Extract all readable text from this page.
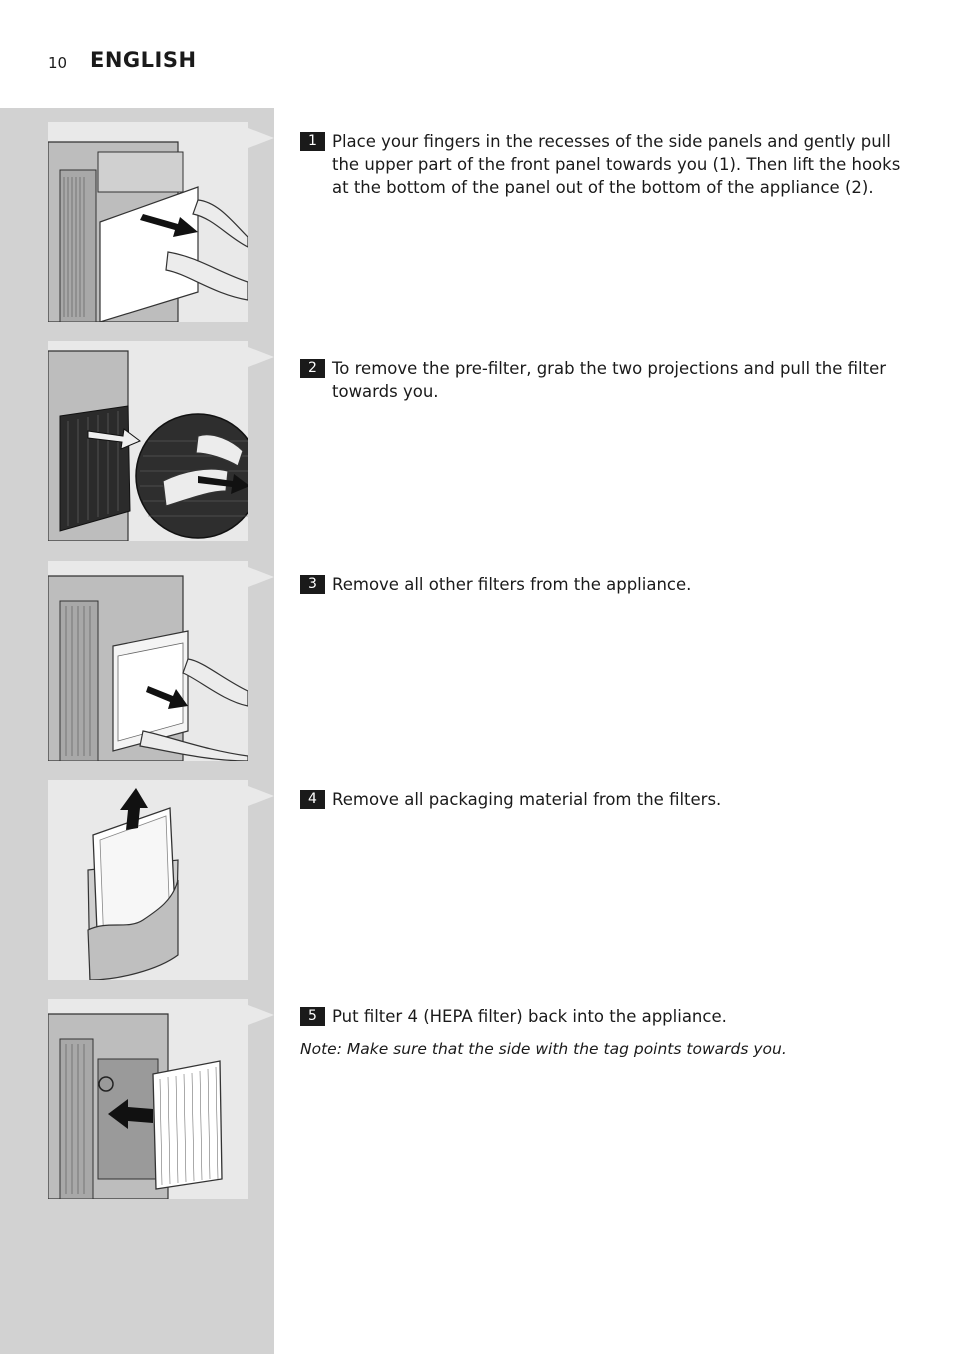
10 ENGLISH
1 Place your fingers in the recesses of the side panels and gently pull the upper part of the front panel towards you (1). Then lift the hooks at the bottom of the panel out of the bottom of the appliance (2).
2 To remove the pre-filter, grab the two projections and pull the filter towards you.
3 Remove all other filters from the appliance.
4 Remove all packaging material from the filters.
5 Put filter 4 (HEPA filter) back into the appliance.
Note: Make sure that the side with the tag points towards you.
